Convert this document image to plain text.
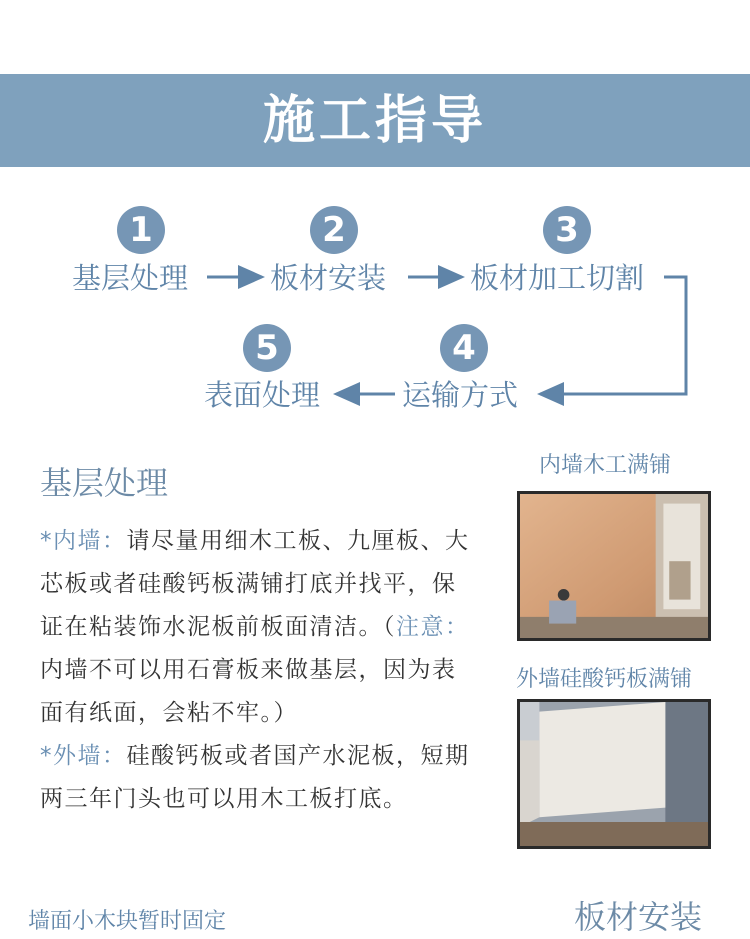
施工指导
1
基层处理
2
板材安装
3
板材加工切割
4
运输方式
5
表面处理
基层处理

*内墙：请尽量用细木工板、九厘板、大芯板或者硅酸钙板满铺打底并找平，保证在粘装饰水泥板前板面清洁。（注意：内墙不可以用石膏板来做基层，因为表面有纸面，会粘不牢。）

*外墙：硅酸钙板或者国产水泥板，短期两三年门头也可以用木工板打底。

内墙木工满铺
外墙硅酸钙板满铺
墙面小木块暂时固定	板材安装
